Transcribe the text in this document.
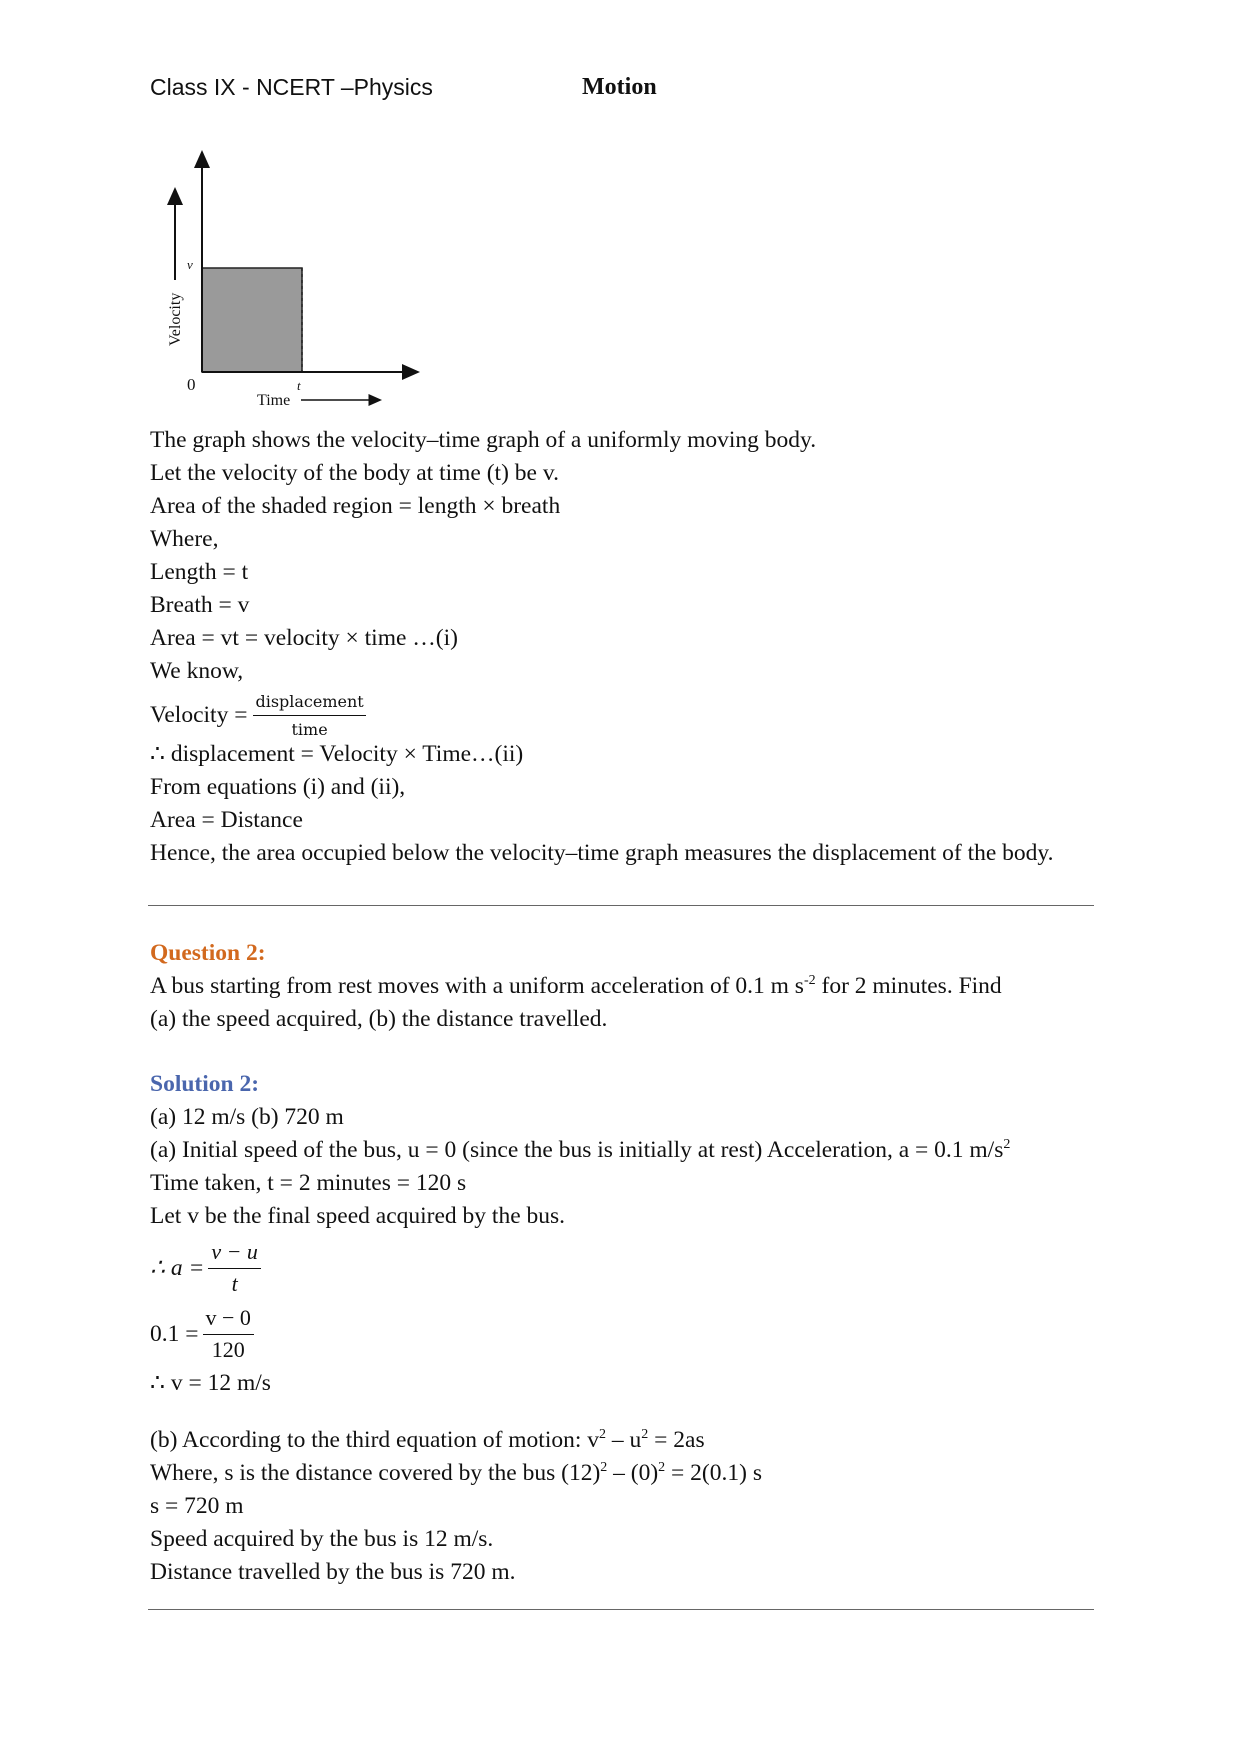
Class IX - NCERT –Physics	Motion
Velocity
v
0	t
Time
The graph shows the velocity–time graph of a uniformly moving body.
Let the velocity of the body at time (t) be v.
Area of the shaded region = length × breath
Where,
Length = t
Breath = v
Area = vt = velocity × time …(i)
We know,
Velocity = $\frac{\text{displacement}}{\text{time}}$
∴ displacement = Velocity × Time…(ii)
From equations (i) and (ii),
Area = Distance
Hence, the area occupied below the velocity–time graph measures the displacement of the body.
Question 2:
A bus starting from rest moves with a uniform acceleration of 0.1 m $s^{-2}$ for 2 minutes. Find
(a) the speed acquired, (b) the distance travelled.
Solution 2:
(a) 12 m/s (b) 720 m
(a) Initial speed of the bus, u = 0 (since the bus is initially at rest) Acceleration, a = 0.1 $m/s^2$
Time taken, t = 2 minutes = 120 s
Let v be the final speed acquired by the bus.
∴ $a = \frac{v - u}{t}$
$0.1 = \frac{v - 0}{120}$
∴ v = 12 m/s
(b) According to the third equation of motion: $v^2 - u^2 = 2as$
Where, s is the distance covered by the bus $(12)^2 - (0)^2 = 2(0.1)$ s
s = 720 m
Speed acquired by the bus is 12 m/s.
Distance travelled by the bus is 720 m.
